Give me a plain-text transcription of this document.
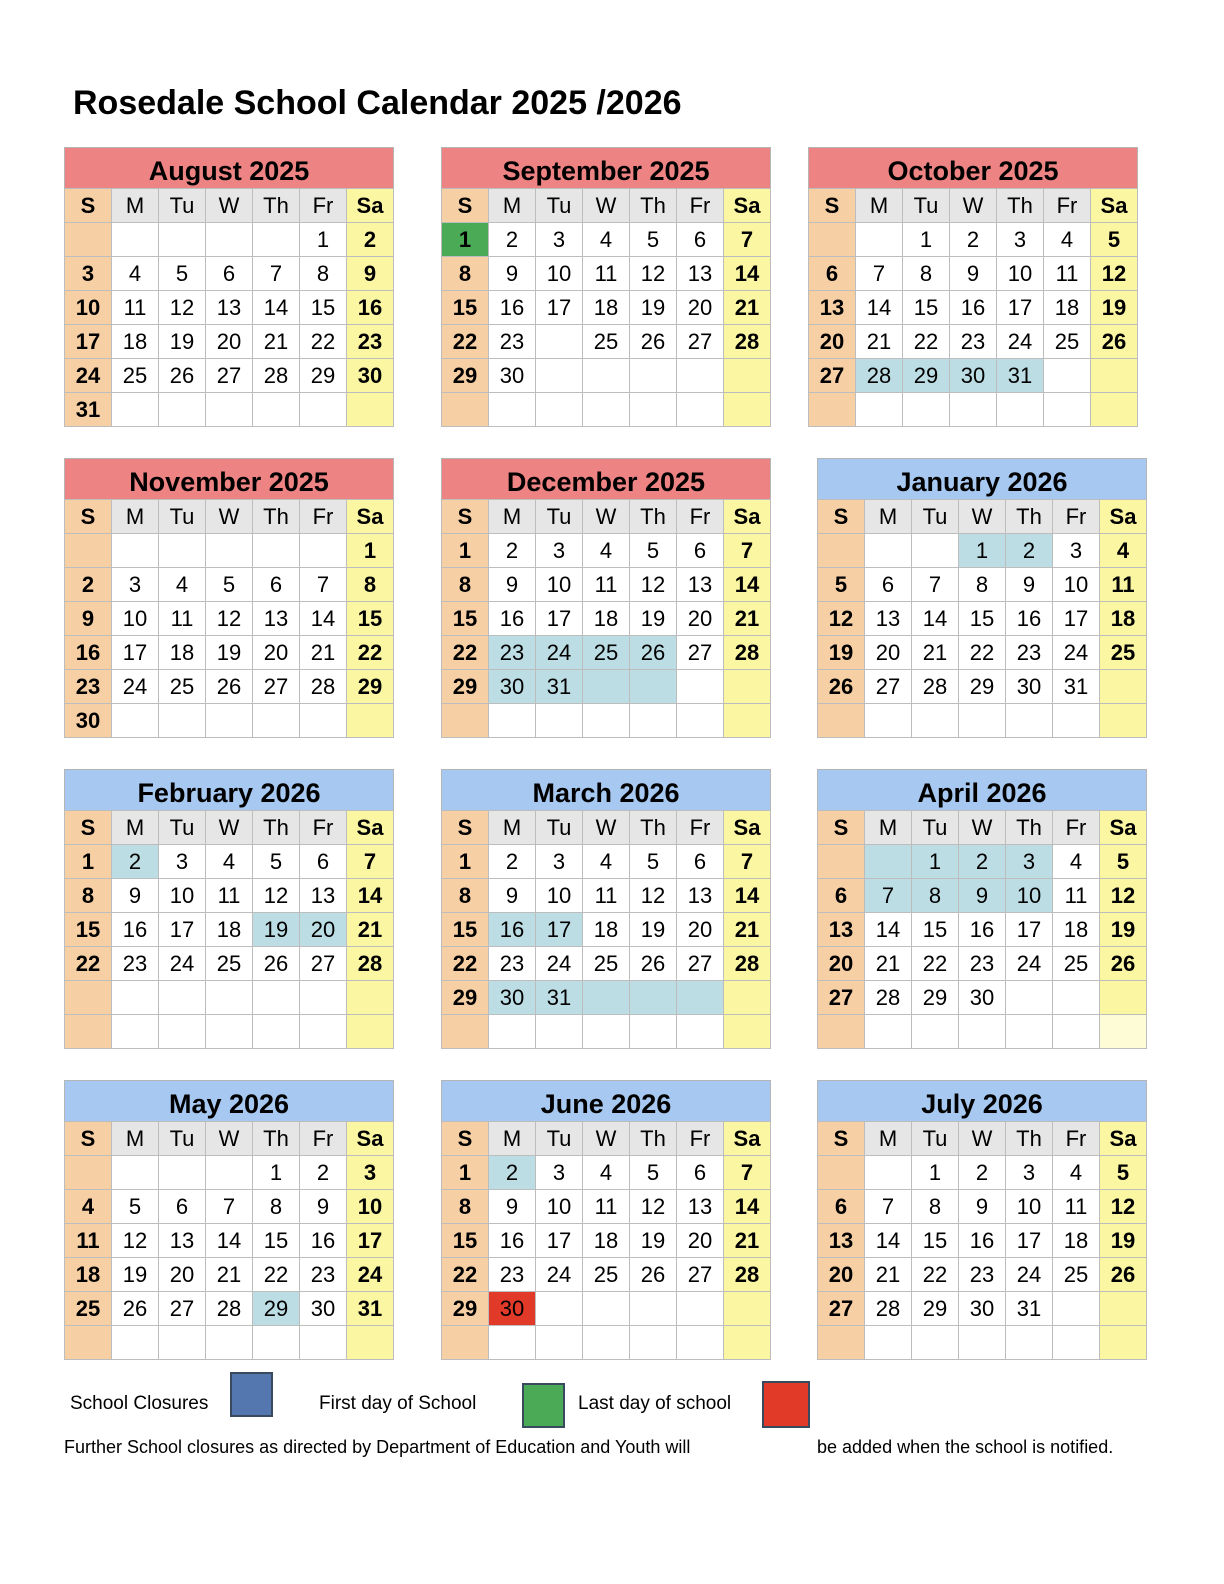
Rosedale School Calendar 2025 /2026
August 2025
S	M	Tu	W	Th	Fr	Sa
					1	2
3	4	5	6	7	8	9
10	11	12	13	14	15	16
17	18	19	20	21	22	23
24	25	26	27	28	29	30
31						
September 2025
S	M	Tu	W	Th	Fr	Sa
1	2	3	4	5	6	7
8	9	10	11	12	13	14
15	16	17	18	19	20	21
22	23		25	26	27	28
29	30					

October 2025
S	M	Tu	W	Th	Fr	Sa
		1	2	3	4	5
6	7	8	9	10	11	12
13	14	15	16	17	18	19
20	21	22	23	24	25	26
27	28	29	30	31		

November 2025
S	M	Tu	W	Th	Fr	Sa
						1
2	3	4	5	6	7	8
9	10	11	12	13	14	15
16	17	18	19	20	21	22
23	24	25	26	27	28	29
30						
December 2025
S	M	Tu	W	Th	Fr	Sa
1	2	3	4	5	6	7
8	9	10	11	12	13	14
15	16	17	18	19	20	21
22	23	24	25	26	27	28
29	30	31				

January 2026
S	M	Tu	W	Th	Fr	Sa
			1	2	3	4
5	6	7	8	9	10	11
12	13	14	15	16	17	18
19	20	21	22	23	24	25
26	27	28	29	30	31	

February 2026
S	M	Tu	W	Th	Fr	Sa
1	2	3	4	5	6	7
8	9	10	11	12	13	14
15	16	17	18	19	20	21
22	23	24	25	26	27	28

March 2026
S	M	Tu	W	Th	Fr	Sa
1	2	3	4	5	6	7
8	9	10	11	12	13	14
15	16	17	18	19	20	21
22	23	24	25	26	27	28
29	30	31				

April 2026
S	M	Tu	W	Th	Fr	Sa
		1	2	3	4	5
6	7	8	9	10	11	12
13	14	15	16	17	18	19
20	21	22	23	24	25	26
27	28	29	30			

May 2026
S	M	Tu	W	Th	Fr	Sa
				1	2	3
4	5	6	7	8	9	10
11	12	13	14	15	16	17
18	19	20	21	22	23	24
25	26	27	28	29	30	31

June 2026
S	M	Tu	W	Th	Fr	Sa
1	2	3	4	5	6	7
8	9	10	11	12	13	14
15	16	17	18	19	20	21
22	23	24	25	26	27	28
29	30					

July 2026
S	M	Tu	W	Th	Fr	Sa
		1	2	3	4	5
6	7	8	9	10	11	12
13	14	15	16	17	18	19
20	21	22	23	24	25	26
27	28	29	30	31		

School Closures	First day of School	Last day of school
Further School closures as directed by Department of Education and Youth will	be added when the school is notified.
